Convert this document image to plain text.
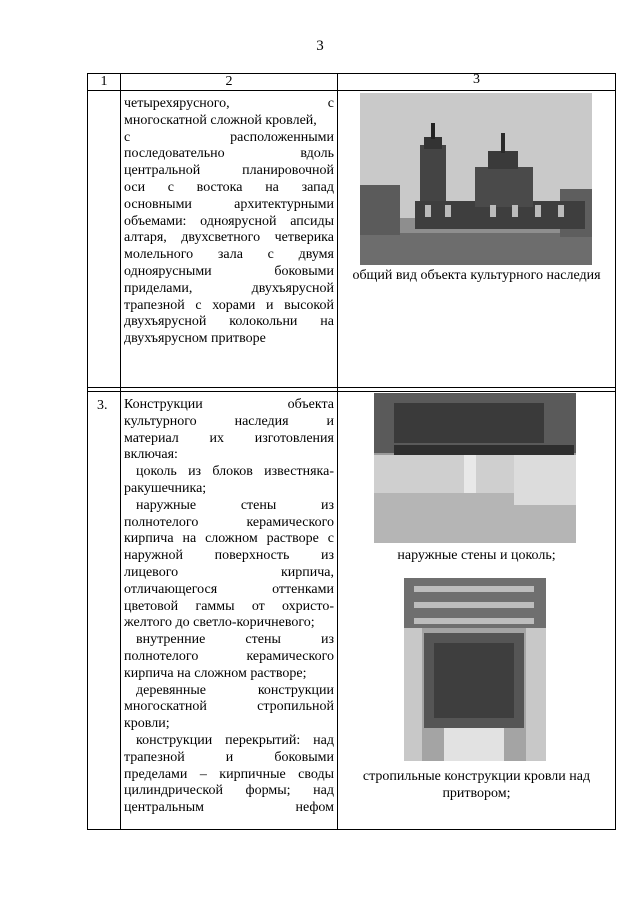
3
1	2	3
четырехярусного, с
многоскатной сложной кровлей,
с расположенными
последовательно вдоль
центральной планировочной
оси с востока на запад
основными архитектурными
объемами: одноярусной апсиды
алтаря, двухсветного четверика
молельного зала с двумя
одноярусными боковыми
приделами, двухъярусной
трапезной с хорами и высокой
двухъярусной колокольни на
двухъярусном притворе
общий вид объекта культурного наследия
3. Конструкции объекта
культурного наследия и
материал их изготовления
включая:
цоколь из блоков известняка-
ракушечника;
наружные стены из
полнотелого керамического
кирпича на сложном растворе с
наружной поверхность из
лицевого кирпича,
отличающегося оттенками
цветовой гаммы от охристо-
желтого до светло-коричневого;
внутренние стены из
полнотелого керамического
кирпича на сложном растворе;
деревянные конструкции
многоскатной стропильной
кровли;
конструкции перекрытий: над
трапезной и боковыми
пределами – кирпичные своды
цилиндрической формы; над
центральным нефом
наружные стены и цоколь;
стропильные конструкции кровли над
притвором;
